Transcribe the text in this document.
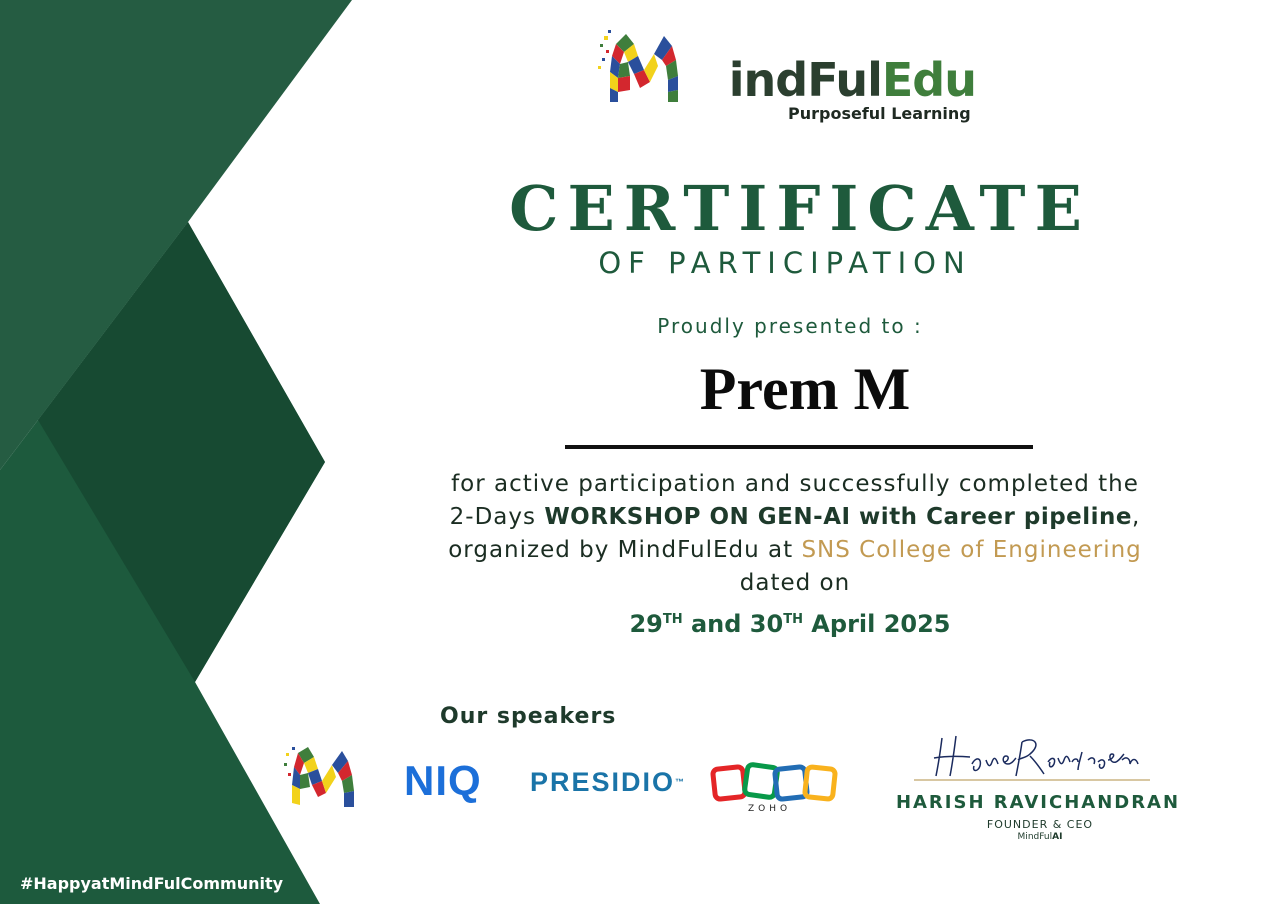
indFulEdu
Purposeful Learning
CERTIFICATE
OF PARTICIPATION
Proudly presented to :
Prem M
for active participation and successfully completed the
2-Days WORKSHOP ON GEN-AI with Career pipeline,
organized by MindFulEdu at SNS College of Engineering
dated on
29TH and 30TH April 2025
Our speakers
NIQ PRESIDIO™
ZOHO	HARISH RAVICHANDRAN
FOUNDER & CEO
MindFulAI
#HappyatMindFulCommunity
